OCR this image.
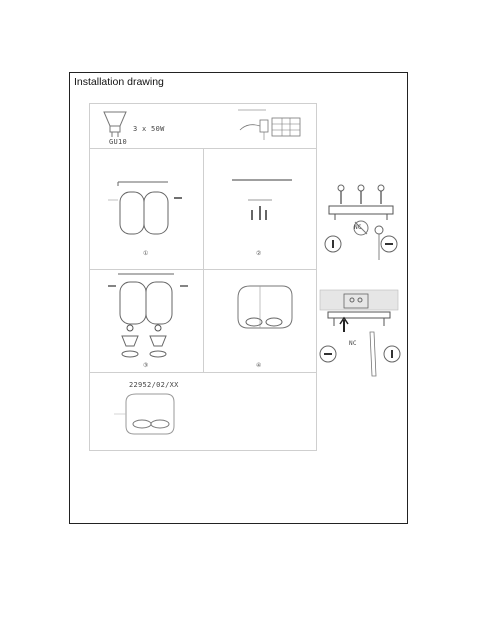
Installation drawing
3 x 50W
GU10
①	②
③	④
22952/02/XX
NC
NC
